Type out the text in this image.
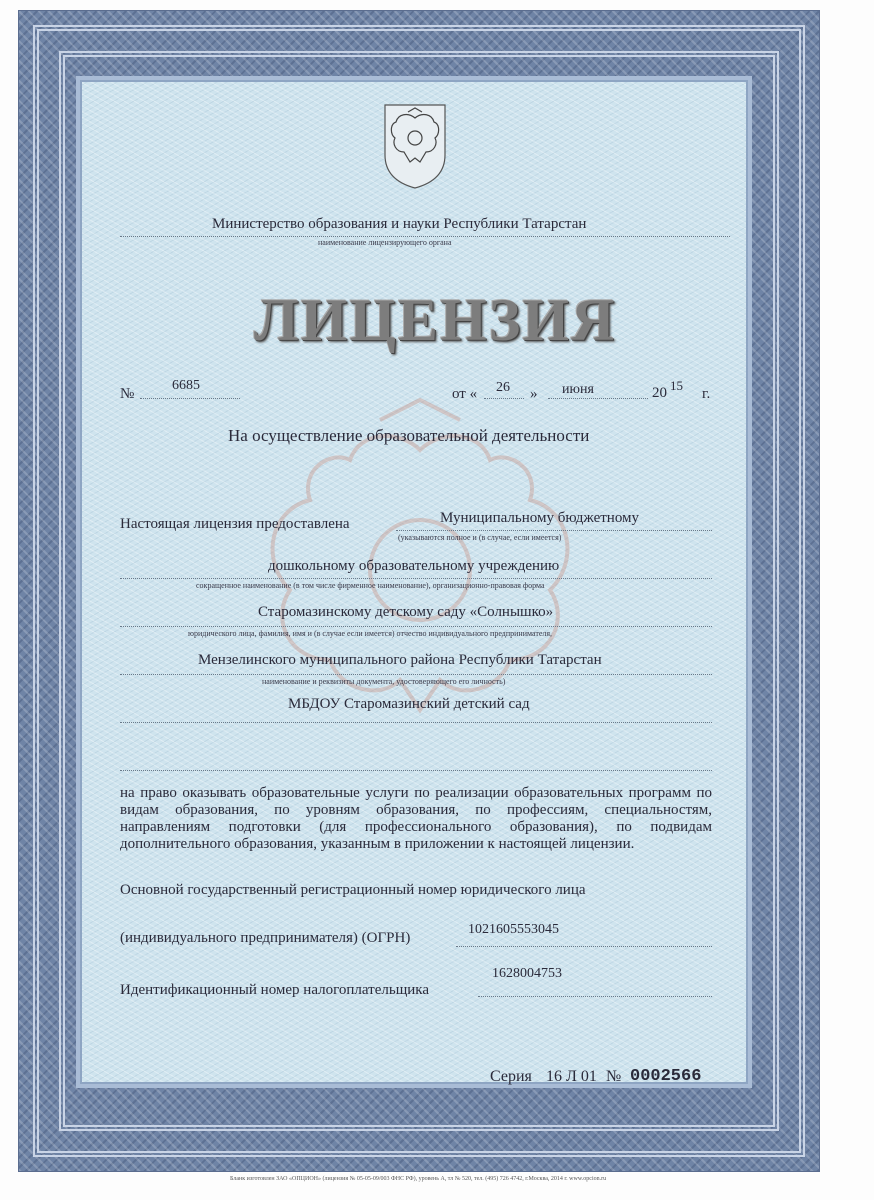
Министерство образования и науки Республики Татарстан
наименование лицензирующего органа
ЛИЦЕНЗИЯ
№
6685
от « 26 » июня	20 15
г.
На осуществление образовательной деятельности
Настоящая лицензия предоставлена	Муниципальному бюджетному
(указываются полное и (в случае, если имеется)
дошкольному образовательному учреждению
сокращенное наименование (в том числе фирменное наименование), организационно-правовая форма
Старомазинскому детскому саду «Солнышко»
юридического лица, фамилия, имя и (в случае если имеется) отчество индивидуального предпринимателя,
Мензелинского муниципального района Республики Татарстан
наименование и реквизиты документа, удостоверяющего его личность)
МБДОУ Старомазинский детский сад
на право оказывать образовательные услуги по реализации образовательных программ по видам образования, по уровням образования, по профессиям, специальностям, направлениям подготовки (для профессионального образования), по подвидам дополнительного образования, указанным в приложении к настоящей лицензии.
Основной государственный регистрационный номер юридического лица
(индивидуального предпринимателя) (ОГРН)
1021605553045
Идентификационный номер налогоплательщика
1628004753
Серия 16 Л 01 № 0002566
Бланк изготовлен ЗАО «ОПЦИОН» (лицензия № 05-05-09/003 ФНС РФ), уровень А, тл № 520, тел. (495) 726 4742, г.Москва, 2014 г. www.opcion.ru
